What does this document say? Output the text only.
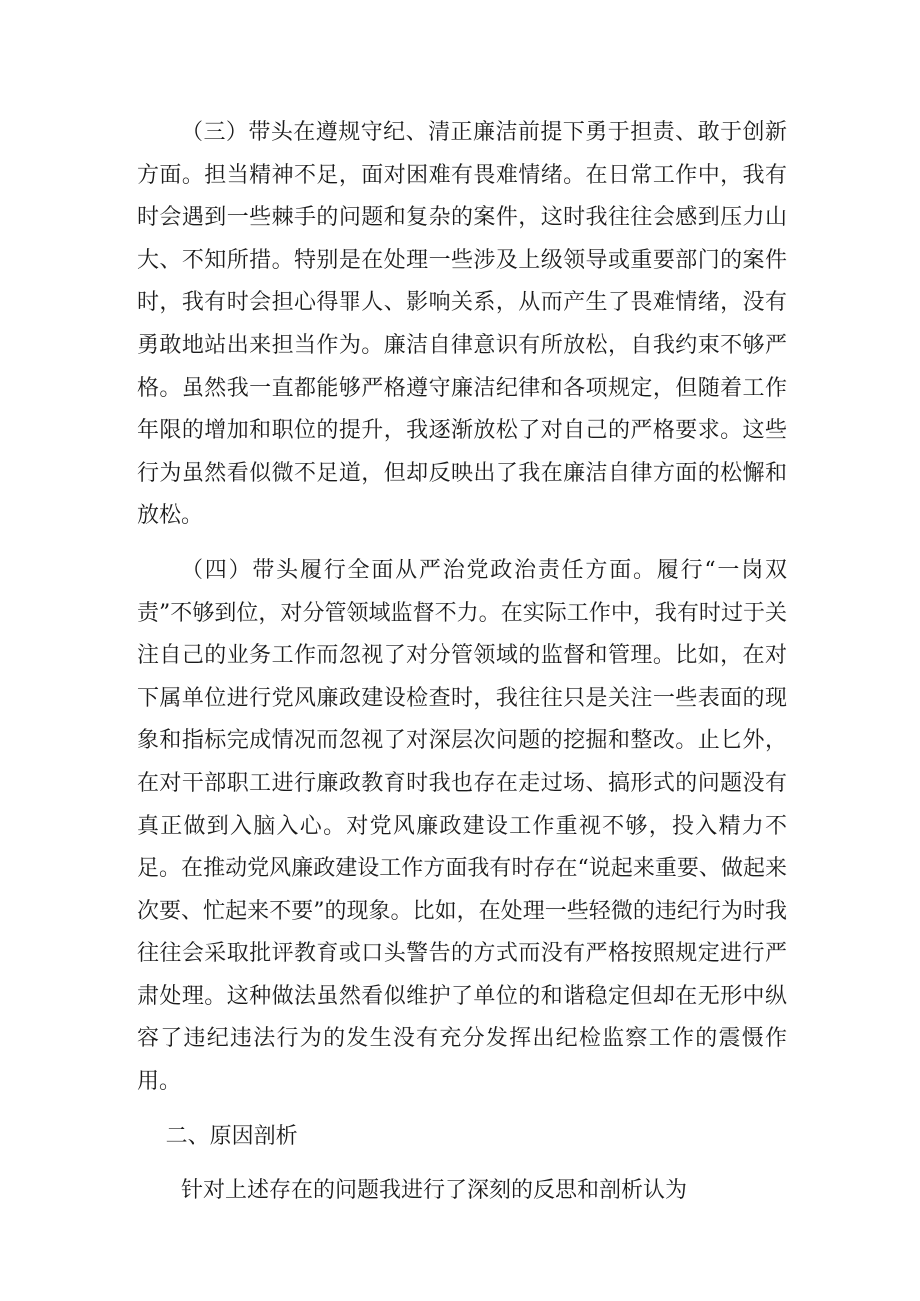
（三）带头在遵规守纪、清正廉洁前提下勇于担责、敢于创新方面。担当精神不足，面对困难有畏难情绪。在日常工作中，我有时会遇到一些棘手的问题和复杂的案件，这时我往往会感到压力山大、不知所措。特别是在处理一些涉及上级领导或重要部门的案件时，我有时会担心得罪人、影响关系，从而产生了畏难情绪，没有勇敢地站出来担当作为。廉洁自律意识有所放松，自我约束不够严格。虽然我一直都能够严格遵守廉洁纪律和各项规定，但随着工作年限的增加和职位的提升，我逐渐放松了对自己的严格要求。这些行为虽然看似微不足道，但却反映出了我在廉洁自律方面的松懈和放松。

（四）带头履行全面从严治党政治责任方面。履行“一岗双责”不够到位，对分管领域监督不力。在实际工作中，我有时过于关注自己的业务工作而忽视了对分管领域的监督和管理。比如，在对下属单位进行党风廉政建设检查时，我往往只是关注一些表面的现象和指标完成情况而忽视了对深层次问题的挖掘和整改。止匕外，在对干部职工进行廉政教育时我也存在走过场、搞形式的问题没有真正做到入脑入心。对党风廉政建设工作重视不够，投入精力不足。在推动党风廉政建设工作方面我有时存在“说起来重要、做起来次要、忙起来不要”的现象。比如，在处理一些轻微的违纪行为时我往往会采取批评教育或口头警告的方式而没有严格按照规定进行严肃处理。这种做法虽然看似维护了单位的和谐稳定但却在无形中纵容了违纪违法行为的发生没有充分发挥出纪检监察工作的震慑作用。

二、原因剖析

针对上述存在的问题我进行了深刻的反思和剖析认为
